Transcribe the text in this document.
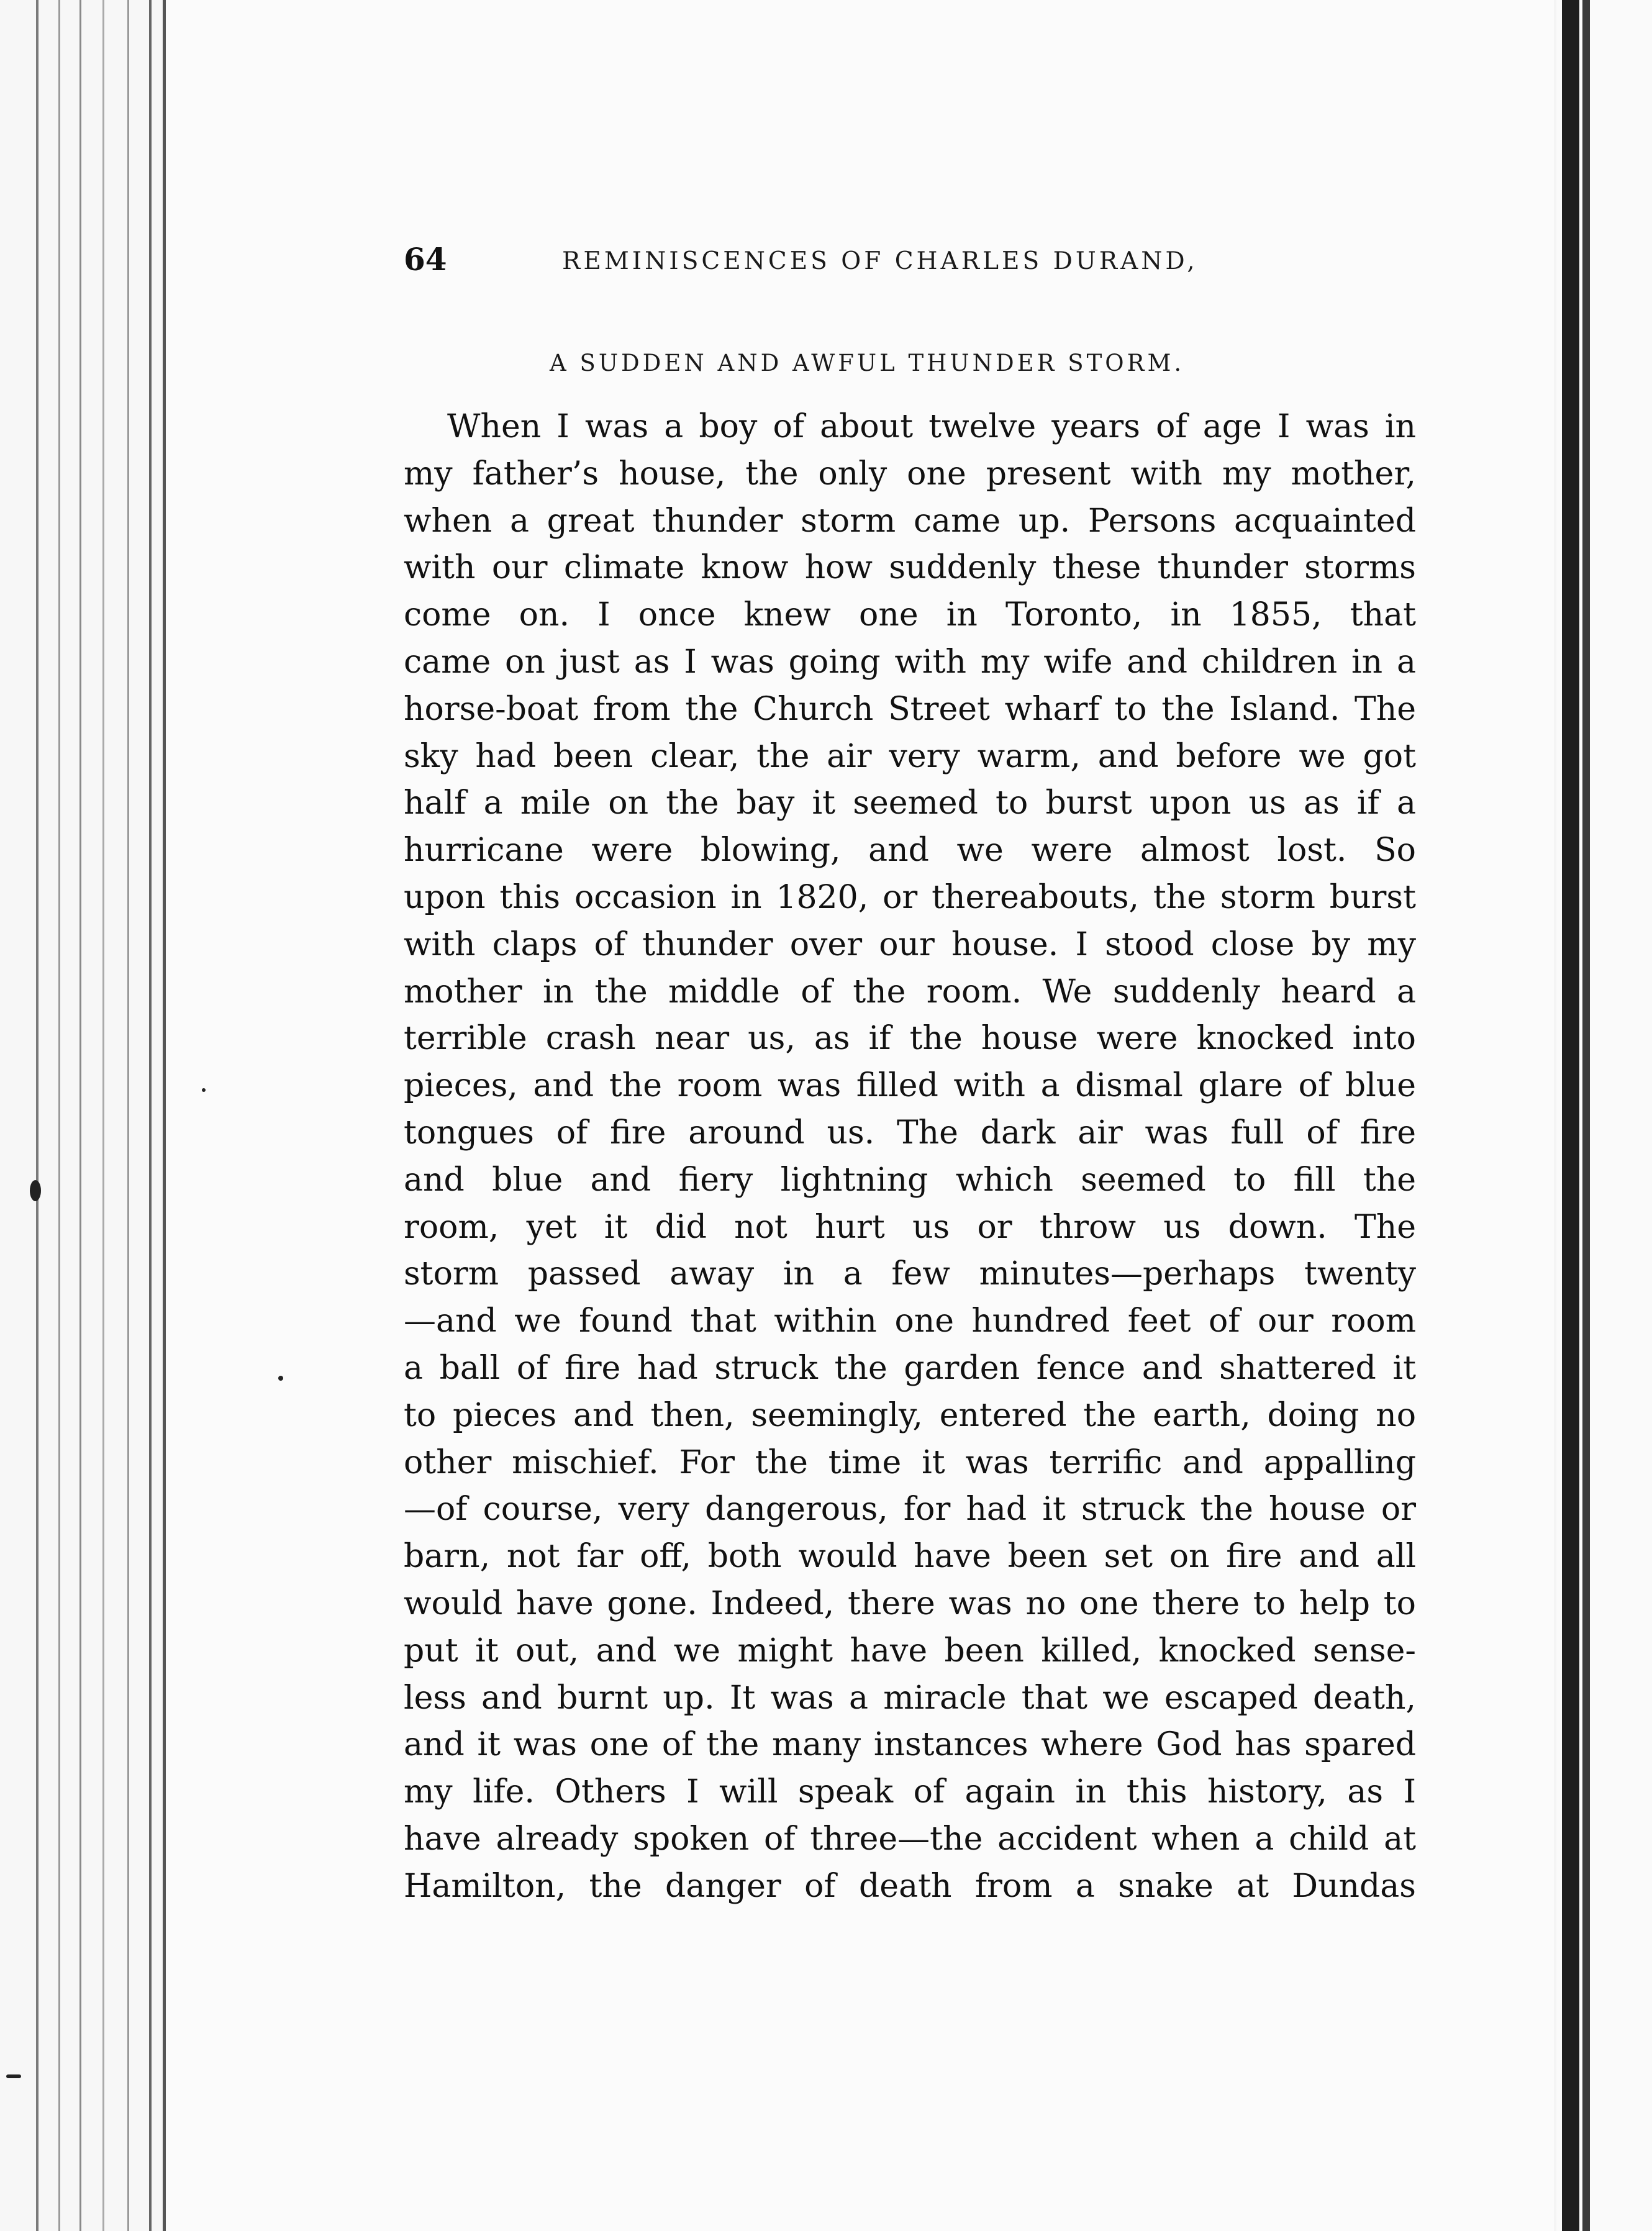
64	REMINISCENCES OF CHARLES DURAND,
A SUDDEN AND AWFUL THUNDER STORM.
When I was a boy of about twelve years of age I was in
my father’s house, the only one present with my mother,
when a great thunder storm came up. Persons acquainted
with our climate know how suddenly these thunder storms
come on. I once knew one in Toronto, in 1855, that
came on just as I was going with my wife and children in a
horse-boat from the Church Street wharf to the Island. The
sky had been clear, the air very warm, and before we got
half a mile on the bay it seemed to burst upon us as if a
hurricane were blowing, and we were almost lost. So
upon this occasion in 1820, or thereabouts, the storm burst
with claps of thunder over our house. I stood close by my
mother in the middle of the room. We suddenly heard a
terrible crash near us, as if the house were knocked into
pieces, and the room was filled with a dismal glare of blue
tongues of fire around us. The dark air was full of fire
and blue and fiery lightning which seemed to fill the
room, yet it did not hurt us or throw us down. The
storm passed away in a few minutes—perhaps twenty
—and we found that within one hundred feet of our room
a ball of fire had struck the garden fence and shattered it
to pieces and then, seemingly, entered the earth, doing no
other mischief. For the time it was terrific and appalling
—of course, very dangerous, for had it struck the house or
barn, not far off, both would have been set on fire and all
would have gone. Indeed, there was no one there to help to
put it out, and we might have been killed, knocked sense-
less and burnt up. It was a miracle that we escaped death,
and it was one of the many instances where God has spared
my life. Others I will speak of again in this history, as I
have already spoken of three—the accident when a child at
Hamilton, the danger of death from a snake at Dundas
